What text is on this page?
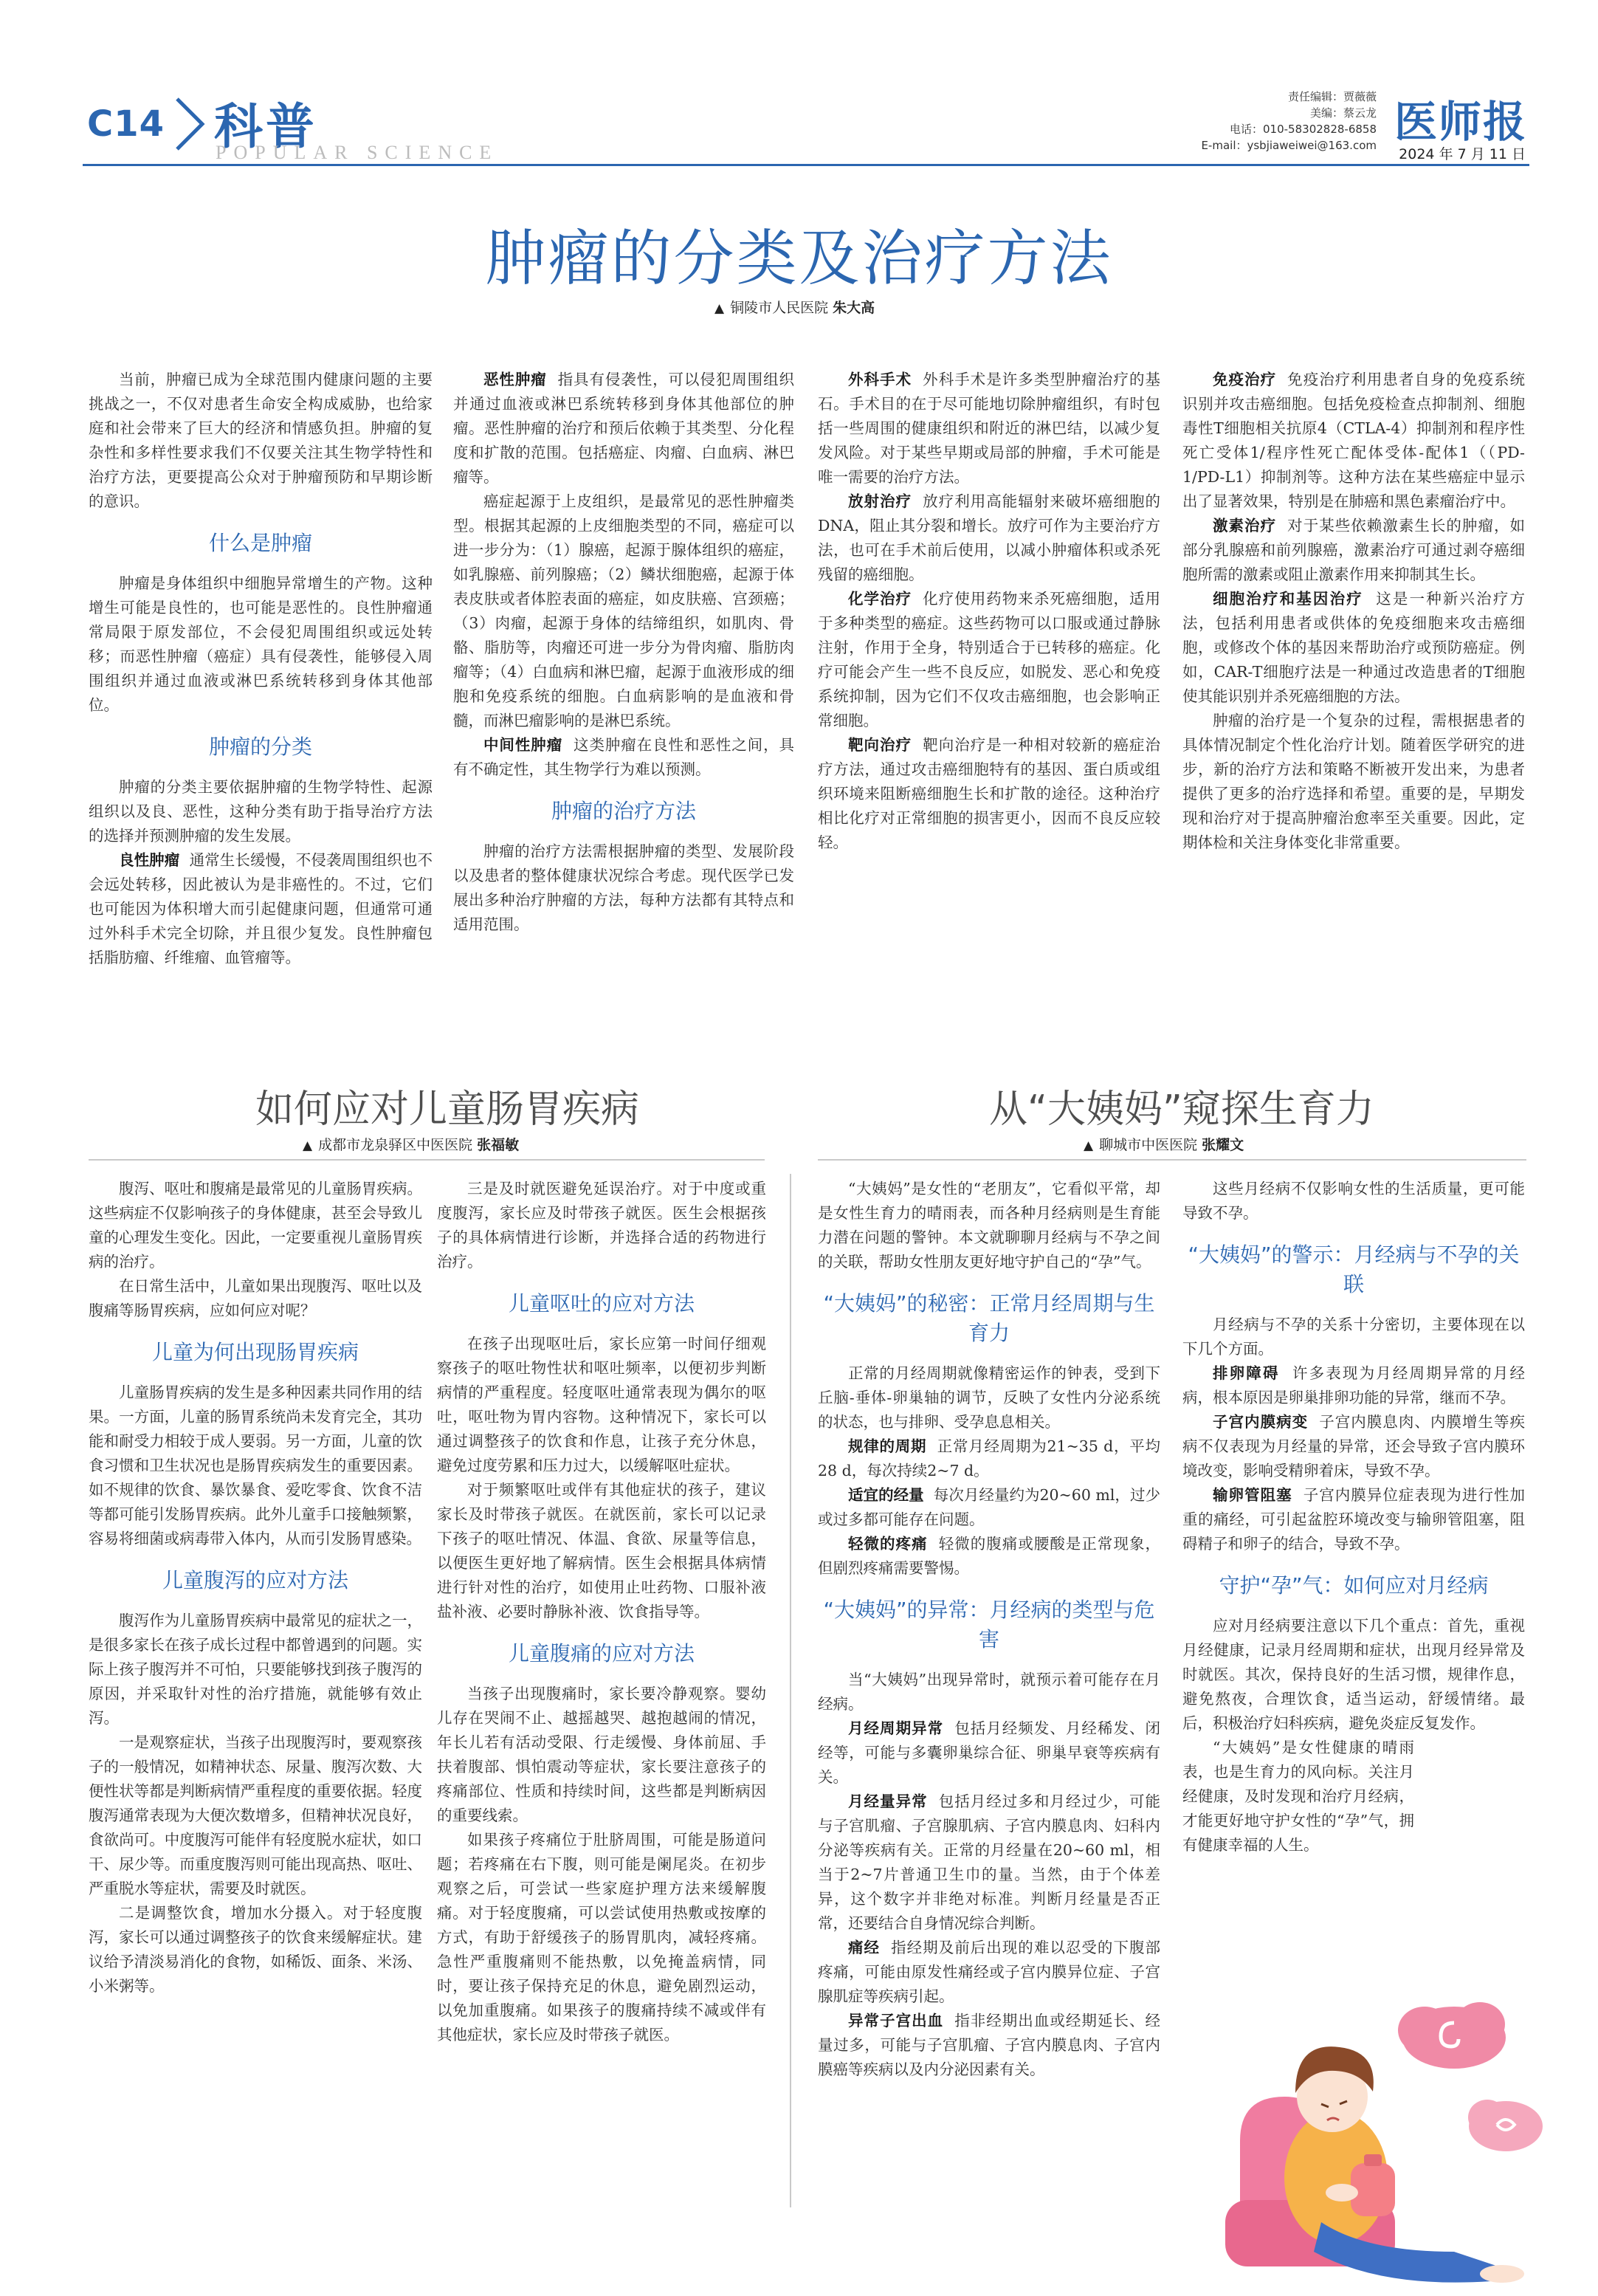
C14 科普
POPULAR SCIENCE
责任编辑：贾薇薇
美编：蔡云龙
电话：010-58302828-6858
E-mail：ysbjiaweiwei@163.com 医师报
2024 年 7 月 11 日
肿瘤的分类及治疗方法
▲ 铜陵市人民医院 朱大高

当前，肿瘤已成为全球范围内健康问题的主要挑战之一，不仅对患者生命安全构成威胁，也给家庭和社会带来了巨大的经济和情感负担。肿瘤的复杂性和多样性要求我们不仅要关注其生物学特性和治疗方法，更要提高公众对于肿瘤预防和早期诊断的意识。

什么是肿瘤

肿瘤是身体组织中细胞异常增生的产物。这种增生可能是良性的，也可能是恶性的。良性肿瘤通常局限于原发部位，不会侵犯周围组织或远处转移；而恶性肿瘤（癌症）具有侵袭性，能够侵入周围组织并通过血液或淋巴系统转移到身体其他部位。

肿瘤的分类

肿瘤的分类主要依据肿瘤的生物学特性、起源组织以及良、恶性，这种分类有助于指导治疗方法的选择并预测肿瘤的发生发展。

良性肿瘤 通常生长缓慢，不侵袭周围组织也不会远处转移，因此被认为是非癌性的。不过，它们也可能因为体积增大而引起健康问题，但通常可通过外科手术完全切除，并且很少复发。良性肿瘤包括脂肪瘤、纤维瘤、血管瘤等。

恶性肿瘤 指具有侵袭性，可以侵犯周围组织并通过血液或淋巴系统转移到身体其他部位的肿瘤。恶性肿瘤的治疗和预后依赖于其类型、分化程度和扩散的范围。包括癌症、肉瘤、白血病、淋巴瘤等。

癌症起源于上皮组织，是最常见的恶性肿瘤类型。根据其起源的上皮细胞类型的不同，癌症可以进一步分为：（1）腺癌，起源于腺体组织的癌症，如乳腺癌、前列腺癌；（2）鳞状细胞癌，起源于体表皮肤或者体腔表面的癌症，如皮肤癌、宫颈癌；（3）肉瘤，起源于身体的结缔组织，如肌肉、骨骼、脂肪等，肉瘤还可进一步分为骨肉瘤、脂肪肉瘤等；（4）白血病和淋巴瘤，起源于血液形成的细胞和免疫系统的细胞。白血病影响的是血液和骨髓，而淋巴瘤影响的是淋巴系统。

中间性肿瘤 这类肿瘤在良性和恶性之间，具有不确定性，其生物学行为难以预测。

肿瘤的治疗方法

肿瘤的治疗方法需根据肿瘤的类型、发展阶段以及患者的整体健康状况综合考虑。现代医学已发展出多种治疗肿瘤的方法，每种方法都有其特点和适用范围。

外科手术 外科手术是许多类型肿瘤治疗的基石。手术目的在于尽可能地切除肿瘤组织，有时包括一些周围的健康组织和附近的淋巴结，以减少复发风险。对于某些早期或局部的肿瘤，手术可能是唯一需要的治疗方法。

放射治疗 放疗利用高能辐射来破坏癌细胞的DNA，阻止其分裂和增长。放疗可作为主要治疗方法，也可在手术前后使用，以减小肿瘤体积或杀死残留的癌细胞。

化学治疗 化疗使用药物来杀死癌细胞，适用于多种类型的癌症。这些药物可以口服或通过静脉注射，作用于全身，特别适合于已转移的癌症。化疗可能会产生一些不良反应，如脱发、恶心和免疫系统抑制，因为它们不仅攻击癌细胞，也会影响正常细胞。

靶向治疗 靶向治疗是一种相对较新的癌症治疗方法，通过攻击癌细胞特有的基因、蛋白质或组织环境来阻断癌细胞生长和扩散的途径。这种治疗相比化疗对正常细胞的损害更小，因而不良反应较轻。

免疫治疗 免疫治疗利用患者自身的免疫系统识别并攻击癌细胞。包括免疫检查点抑制剂、细胞毒性T细胞相关抗原4（CTLA-4）抑制剂和程序性死亡受体1/程序性死亡配体受体-配体1（（PD-1/PD-L1）抑制剂等。这种方法在某些癌症中显示出了显著效果，特别是在肺癌和黑色素瘤治疗中。

激素治疗 对于某些依赖激素生长的肿瘤，如部分乳腺癌和前列腺癌，激素治疗可通过剥夺癌细胞所需的激素或阻止激素作用来抑制其生长。

细胞治疗和基因治疗 这是一种新兴治疗方法，包括利用患者或供体的免疫细胞来攻击癌细胞，或修改个体的基因来帮助治疗或预防癌症。例如，CAR-T细胞疗法是一种通过改造患者的T细胞使其能识别并杀死癌细胞的方法。

肿瘤的治疗是一个复杂的过程，需根据患者的具体情况制定个性化治疗计划。随着医学研究的进步，新的治疗方法和策略不断被开发出来，为患者提供了更多的治疗选择和希望。重要的是，早期发现和治疗对于提高肿瘤治愈率至关重要。因此，定期体检和关注身体变化非常重要。

如何应对儿童肠胃疾病
▲ 成都市龙泉驿区中医医院 张福敏

腹泻、呕吐和腹痛是最常见的儿童肠胃疾病。这些病症不仅影响孩子的身体健康，甚至会导致儿童的心理发生变化。因此，一定要重视儿童肠胃疾病的治疗。

在日常生活中，儿童如果出现腹泻、呕吐以及腹痛等肠胃疾病，应如何应对呢？

儿童为何出现肠胃疾病

儿童肠胃疾病的发生是多种因素共同作用的结果。一方面，儿童的肠胃系统尚未发育完全，其功能和耐受力相较于成人要弱。另一方面，儿童的饮食习惯和卫生状况也是肠胃疾病发生的重要因素。如不规律的饮食、暴饮暴食、爱吃零食、饮食不洁等都可能引发肠胃疾病。此外儿童手口接触频繁，容易将细菌或病毒带入体内，从而引发肠胃感染。

儿童腹泻的应对方法

腹泻作为儿童肠胃疾病中最常见的症状之一，是很多家长在孩子成长过程中都曾遇到的问题。实际上孩子腹泻并不可怕，只要能够找到孩子腹泻的原因，并采取针对性的治疗措施，就能够有效止泻。

一是观察症状，当孩子出现腹泻时，要观察孩子的一般情况，如精神状态、尿量、腹泻次数、大便性状等都是判断病情严重程度的重要依据。轻度腹泻通常表现为大便次数增多，但精神状况良好，食欲尚可。中度腹泻可能伴有轻度脱水症状，如口干、尿少等。而重度腹泻则可能出现高热、呕吐、严重脱水等症状，需要及时就医。

二是调整饮食，增加水分摄入。对于轻度腹泻，家长可以通过调整孩子的饮食来缓解症状。建议给予清淡易消化的食物，如稀饭、面条、米汤、小米粥等。

三是及时就医避免延误治疗。对于中度或重度腹泻，家长应及时带孩子就医。医生会根据孩子的具体病情进行诊断，并选择合适的药物进行治疗。

儿童呕吐的应对方法

在孩子出现呕吐后，家长应第一时间仔细观察孩子的呕吐物性状和呕吐频率，以便初步判断病情的严重程度。轻度呕吐通常表现为偶尔的呕吐，呕吐物为胃内容物。这种情况下，家长可以通过调整孩子的饮食和作息，让孩子充分休息，避免过度劳累和压力过大，以缓解呕吐症状。

对于频繁呕吐或伴有其他症状的孩子，建议家长及时带孩子就医。在就医前，家长可以记录下孩子的呕吐情况、体温、食欲、尿量等信息，以便医生更好地了解病情。医生会根据具体病情进行针对性的治疗，如使用止吐药物、口服补液盐补液、必要时静脉补液、饮食指导等。

儿童腹痛的应对方法

当孩子出现腹痛时，家长要冷静观察。婴幼儿存在哭闹不止、越摇越哭、越抱越闹的情况，年长儿若有活动受限、行走缓慢、身体前屈、手扶着腹部、惧怕震动等症状，家长要注意孩子的疼痛部位、性质和持续时间，这些都是判断病因的重要线索。

如果孩子疼痛位于肚脐周围，可能是肠道问题；若疼痛在右下腹，则可能是阑尾炎。在初步观察之后，可尝试一些家庭护理方法来缓解腹痛。对于轻度腹痛，可以尝试使用热敷或按摩的方式，有助于舒缓孩子的肠胃肌肉，减轻疼痛。急性严重腹痛则不能热敷，以免掩盖病情，同时，要让孩子保持充足的休息，避免剧烈运动，以免加重腹痛。如果孩子的腹痛持续不减或伴有其他症状，家长应及时带孩子就医。

从“大姨妈”窥探生育力
▲ 聊城市中医医院 张耀文

“大姨妈”是女性的“老朋友”，它看似平常，却是女性生育力的晴雨表，而各种月经病则是生育能力潜在问题的警钟。本文就聊聊月经病与不孕之间的关联，帮助女性朋友更好地守护自己的“孕”气。

“大姨妈”的秘密：正常月经周期与生育力

正常的月经周期就像精密运作的钟表，受到下丘脑-垂体-卵巢轴的调节，反映了女性内分泌系统的状态，也与排卵、受孕息息相关。

规律的周期 正常月经周期为21~35 d，平均28 d，每次持续2~7 d。

适宜的经量 每次月经量约为20~60 ml，过少或过多都可能存在问题。

轻微的疼痛 轻微的腹痛或腰酸是正常现象，但剧烈疼痛需要警惕。

“大姨妈”的异常：月经病的类型与危害

当“大姨妈”出现异常时，就预示着可能存在月经病。

月经周期异常 包括月经频发、月经稀发、闭经等，可能与多囊卵巢综合征、卵巢早衰等疾病有关。

月经量异常 包括月经过多和月经过少，可能与子宫肌瘤、子宫腺肌病、子宫内膜息肉、妇科内分泌等疾病有关。正常的月经量在20~60 ml，相当于2~7片普通卫生巾的量。当然，由于个体差异，这个数字并非绝对标准。判断月经量是否正常，还要结合自身情况综合判断。

痛经 指经期及前后出现的难以忍受的下腹部疼痛，可能由原发性痛经或子宫内膜异位症、子宫腺肌症等疾病引起。

异常子宫出血 指非经期出血或经期延长、经量过多，可能与子宫肌瘤、子宫内膜息肉、子宫内膜癌等疾病以及内分泌因素有关。

这些月经病不仅影响女性的生活质量，更可能导致不孕。

“大姨妈”的警示：月经病与不孕的关联

月经病与不孕的关系十分密切，主要体现在以下几个方面。

排卵障碍 许多表现为月经周期异常的月经病，根本原因是卵巢排卵功能的异常，继而不孕。

子宫内膜病变 子宫内膜息肉、内膜增生等疾病不仅表现为月经量的异常，还会导致子宫内膜环境改变，影响受精卵着床，导致不孕。

输卵管阻塞 子宫内膜异位症表现为进行性加重的痛经，可引起盆腔环境改变与输卵管阻塞，阻碍精子和卵子的结合，导致不孕。

守护“孕”气：如何应对月经病

应对月经病要注意以下几个重点：首先，重视月经健康，记录月经周期和症状，出现月经异常及时就医。其次，保持良好的生活习惯，规律作息，避免熬夜，合理饮食，适当运动，舒缓情绪。最后，积极治疗妇科疾病，避免炎症反复发作。

“大姨妈”是女性健康的晴雨表，也是生育力的风向标。关注月经健康，及时发现和治疗月经病，才能更好地守护女性的“孕”气，拥有健康幸福的人生。
